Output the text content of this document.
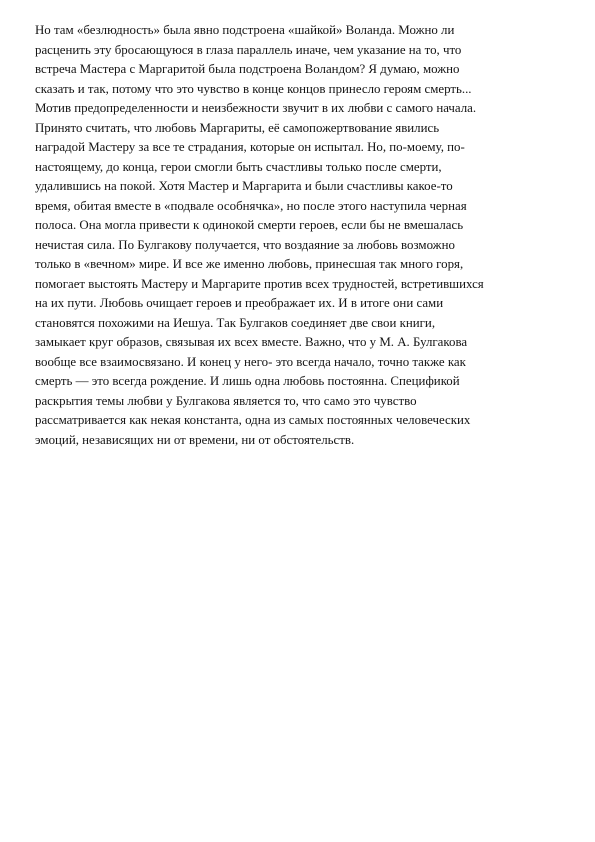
Но там «безлюдность» была явно подстроена «шайкой» Воланда. Можно ли
расценить эту бросающуюся в глаза параллель иначе, чем указание на то, что
встреча Мастера с Маргаритой была подстроена Воландом? Я думаю, можно
сказать и так, потому что это чувство в конце концов принесло героям смерть...
Мотив предопределенности и неизбежности звучит в их любви с самого начала.
Принято считать, что любовь Маргариты, её самопожертвование явились
наградой Мастеру за все те страдания, которые он испытал. Но, по-моему, по-
настоящему, до конца, герои смогли быть счастливы только после смерти,
удалившись на покой. Хотя Мастер и Маргарита и были счастливы какое-то
время, обитая вместе в «подвале особнячка», но после этого наступила черная
полоса. Она могла привести к одинокой смерти героев, если бы не вмешалась
нечистая сила. По Булгакову получается, что воздаяние за любовь возможно
только в «вечном» мире. И все же именно любовь, принесшая так много горя,
помогает выстоять Мастеру и Маргарите против всех трудностей, встретившихся
на их пути. Любовь очищает героев и преображает их. И в итоге они сами
становятся похожими на Иешуа. Так Булгаков соединяет две свои книги,
замыкает круг образов, связывая их всех вместе. Важно, что у М. А. Булгакова
вообще все взаимосвязано. И конец у него- это всегда начало, точно также как
смерть — это всегда рождение. И лишь одна любовь постоянна. Спецификой
раскрытия темы любви у Булгакова является то, что само это чувство
рассматривается как некая константа, одна из самых постоянных человеческих
эмоций, независящих ни от времени, ни от обстоятельств.
